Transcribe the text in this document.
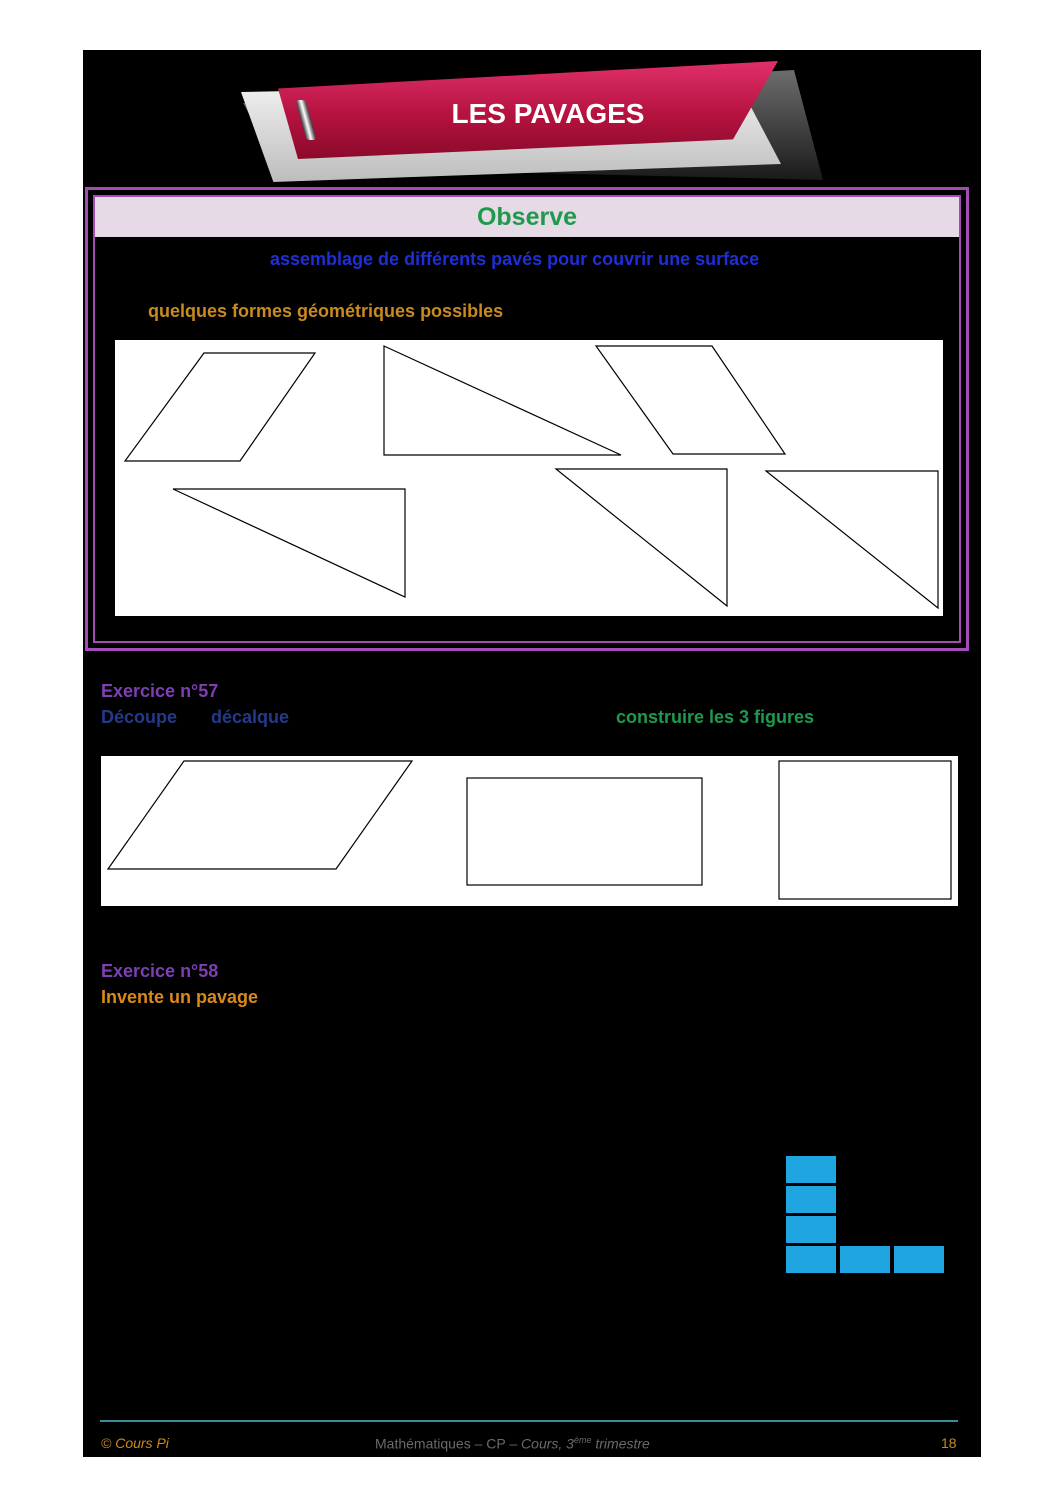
LES PAVAGES
Observe
assemblage de différents pavés pour couvrir une surface
quelques formes géométriques possibles
Exercice n°57
Découpe décalque	construire les 3 figures
Exercice n°58
Invente un pavage
© Cours Pi	Mathématiques – CP – Cours, 3ème trimestre	18
